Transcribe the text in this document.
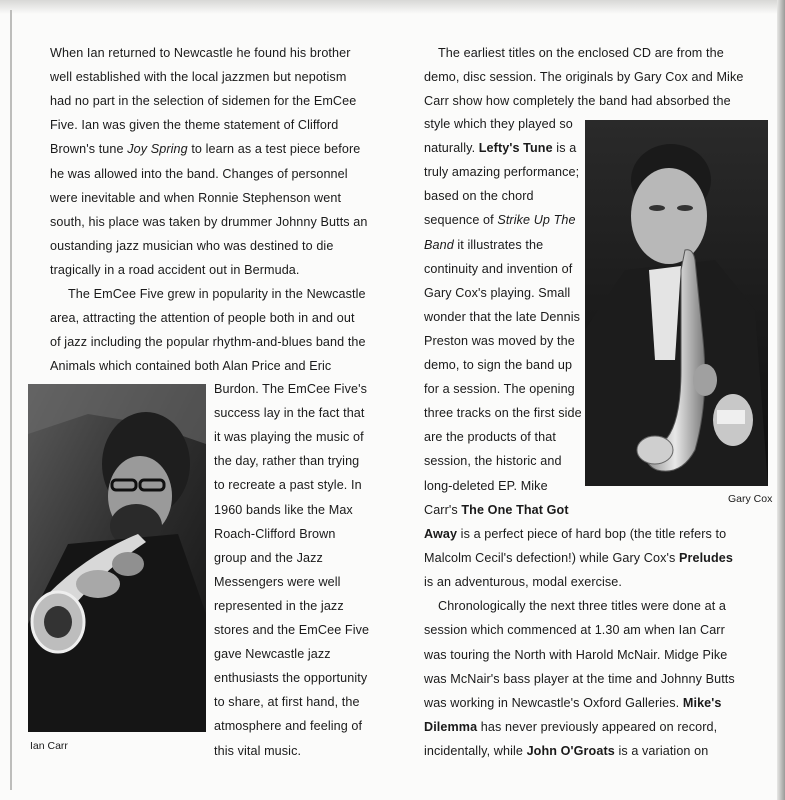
When Ian returned to Newcastle he found his brother
well established with the local jazzmen but nepotism
had no part in the selection of sidemen for the EmCee
Five. Ian was given the theme statement of Clifford
Brown's tune Joy Spring to learn as a test piece before
he was allowed into the band. Changes of personnel
were inevitable and when Ronnie Stephenson went
south, his place was taken by drummer Johnny Butts an
oustanding jazz musician who was destined to die
tragically in a road accident out in Bermuda.
The EmCee Five grew in popularity in the Newcastle
area, attracting the attention of people both in and out
of jazz including the popular rhythm-and-blues band the
Animals which contained both Alan Price and Eric
Burdon. The EmCee Five's
success lay in the fact that
it was playing the music of
the day, rather than trying
to recreate a past style. In
1960 bands like the Max
Roach-Clifford Brown
group and the Jazz
Messengers were well
represented in the jazz
stores and the EmCee Five
gave Newcastle jazz
enthusiasts the opportunity
to share, at first hand, the
atmosphere and feeling of
this vital music.
Ian Carr
The earliest titles on the enclosed CD are from the
demo, disc session. The originals by Gary Cox and Mike
Carr show how completely the band had absorbed the
style which they played so
naturally. Lefty's Tune is a
truly amazing performance;
based on the chord
sequence of Strike Up The
Band it illustrates the
continuity and invention of
Gary Cox's playing. Small
wonder that the late Dennis
Preston was moved by the
demo, to sign the band up
for a session. The opening
three tracks on the first side
are the products of that
session, the historic and
long-deleted EP. Mike
Carr's The One That Got
Away is a perfect piece of hard bop (the title refers to
Malcolm Cecil's defection!) while Gary Cox's Preludes
is an adventurous, modal exercise.
Chronologically the next three titles were done at a
session which commenced at 1.30 am when Ian Carr
was touring the North with Harold McNair. Midge Pike
was McNair's bass player at the time and Johnny Butts
was working in Newcastle's Oxford Galleries. Mike's
Dilemma has never previously appeared on record,
incidentally, while John O'Groats is a variation on
Gary Cox
